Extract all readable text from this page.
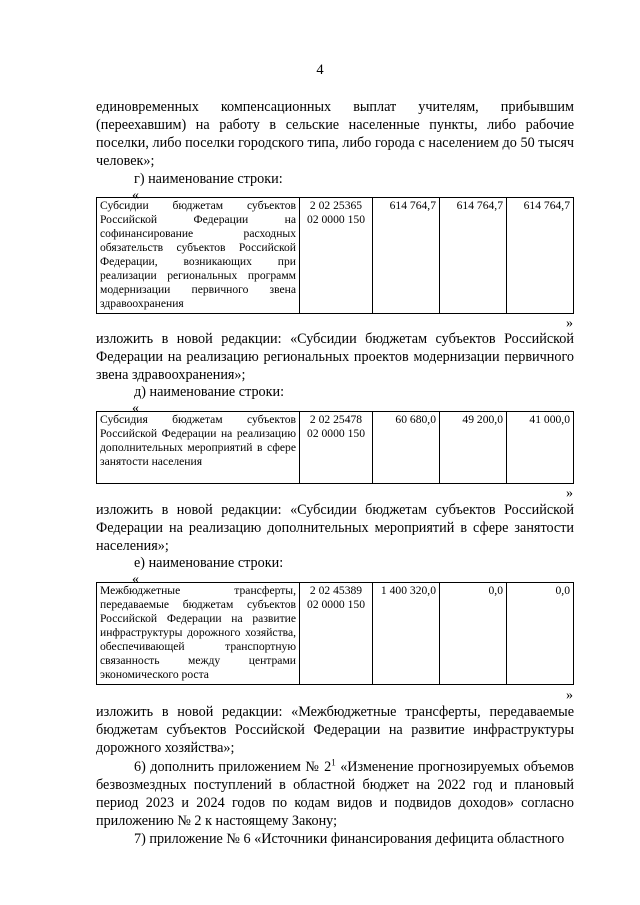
4
единовременных компенсационных выплат учителям, прибывшим (переехавшим) на работу в сельские населенные пункты, либо рабочие поселки, либо поселки городского типа, либо города с населением до 50 тысяч человек»;
г) наименование строки:
«
Субсидии бюджетам субъектов Российской Федерации на софинансирование расходных обязательств субъектов Российской Федерации, возникающих при реализации региональных программ модернизации первичного звена здравоохранения	2 02 25365 02 0000 150	614 764,7	614 764,7	614 764,7
»
изложить в новой редакции: «Субсидии бюджетам субъектов Российской Федерации на реализацию региональных проектов модернизации первичного звена здравоохранения»;
д) наименование строки:
«
Субсидия бюджетам субъектов Российской Федерации на реализацию дополнительных мероприятий в сфере занятости населения	2 02 25478 02 0000 150	60 680,0	49 200,0	41 000,0
»
изложить в новой редакции: «Субсидии бюджетам субъектов Российской Федерации на реализацию дополнительных мероприятий в сфере занятости населения»;
е) наименование строки:
«
Межбюджетные трансферты, передаваемые бюджетам субъектов Российской Федерации на развитие инфраструктуры дорожного хозяйства, обеспечивающей транспортную связанность между центрами экономического роста	2 02 45389 02 0000 150	1 400 320,0	0,0	0,0
»
изложить в новой редакции: «Межбюджетные трансферты, передаваемые бюджетам субъектов Российской Федерации на развитие инфраструктуры дорожного хозяйства»;
6) дополнить приложением № $2^1$ «Изменение прогнозируемых объемов безвозмездных поступлений в областной бюджет на 2022 год и плановый период 2023 и 2024 годов по кодам видов и подвидов доходов» согласно приложению № 2 к настоящему Закону;
7) приложение № 6 «Источники финансирования дефицита областного
